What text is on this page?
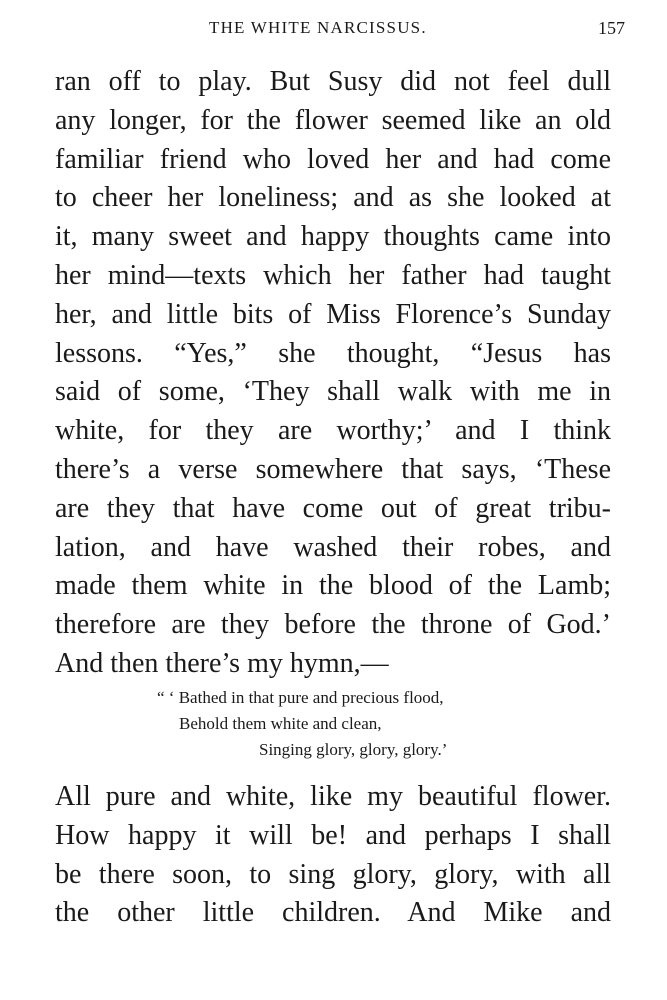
THE WHITE NARCISSUS.	157
ran off to play. But Susy did not feel dull
any longer, for the flower seemed like an old
familiar friend who loved her and had come
to cheer her loneliness; and as she looked at
it, many sweet and happy thoughts came into
her mind—texts which her father had taught
her, and little bits of Miss Florence’s Sunday
lessons. “Yes,” she thought, “Jesus has
said of some, ‘They shall walk with me in
white, for they are worthy;’ and I think
there’s a verse somewhere that says, ‘These
are they that have come out of great tribu-
lation, and have washed their robes, and
made them white in the blood of the Lamb;
therefore are they before the throne of God.’
And then there’s my hymn,—
“ ‘ Bathed in that pure and precious flood,
Behold them white and clean,
Singing glory, glory, glory.’
All pure and white, like my beautiful flower.
How happy it will be! and perhaps I shall
be there soon, to sing glory, glory, with all
the other little children. And Mike and
